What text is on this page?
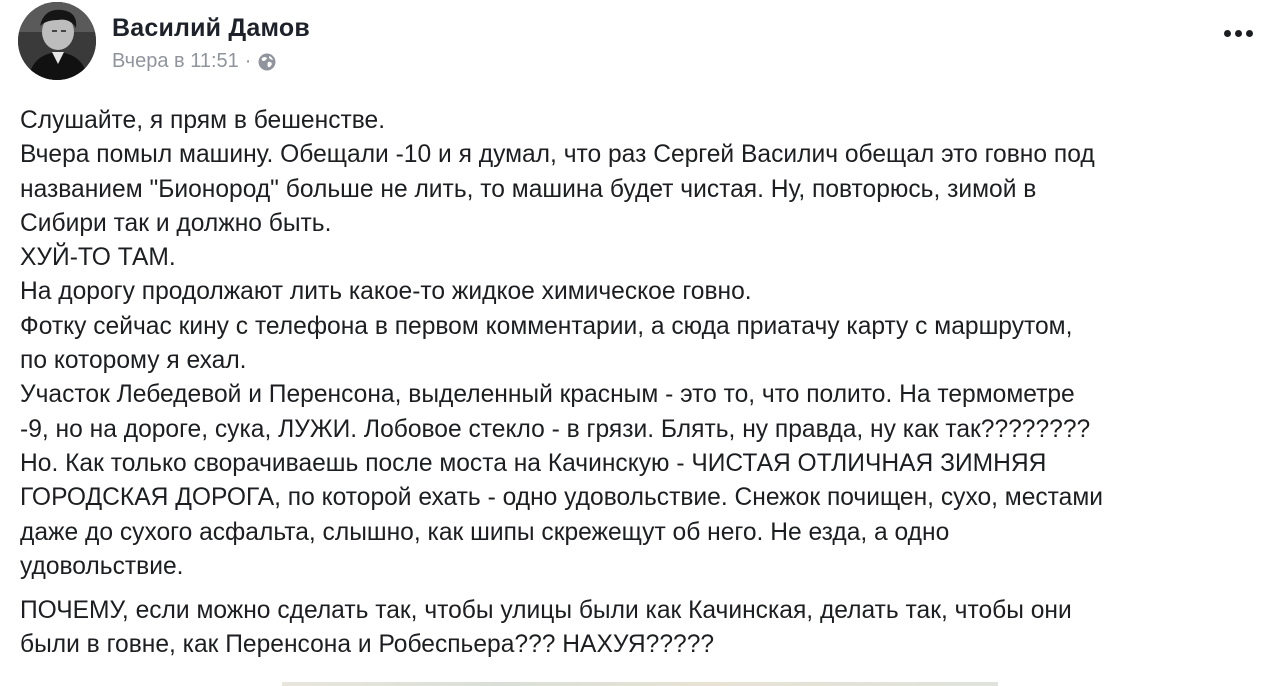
Василий Дамов
Вчера в 11:51 ·
Слушайте, я прям в бешенстве.
Вчера помыл машину. Обещали -10 и я думал, что раз Сергей Василич обещал это говно под
названием "Бионород" больше не лить, то машина будет чистая. Ну, повторюсь, зимой в
Сибири так и должно быть.
ХУЙ-ТО ТАМ.
На дорогу продолжают лить какое-то жидкое химическое говно.
Фотку сейчас кину с телефона в первом комментарии, а сюда приатачу карту с маршрутом,
по которому я ехал.
Участок Лебедевой и Перенсона, выделенный красным - это то, что полито. На термометре
-9, но на дороге, сука, ЛУЖИ. Лобовое стекло - в грязи. Блять, ну правда, ну как так????????
Но. Как только сворачиваешь после моста на Качинскую - ЧИСТАЯ ОТЛИЧНАЯ ЗИМНЯЯ
ГОРОДСКАЯ ДОРОГА, по которой ехать - одно удовольствие. Снежок почищен, сухо, местами
даже до сухого асфальта, слышно, как шипы скрежещут об него. Не езда, а одно
удовольствие.
ПОЧЕМУ, если можно сделать так, чтобы улицы были как Качинская, делать так, чтобы они
были в говне, как Перенсона и Робеспьера??? НАХУЯ?????
